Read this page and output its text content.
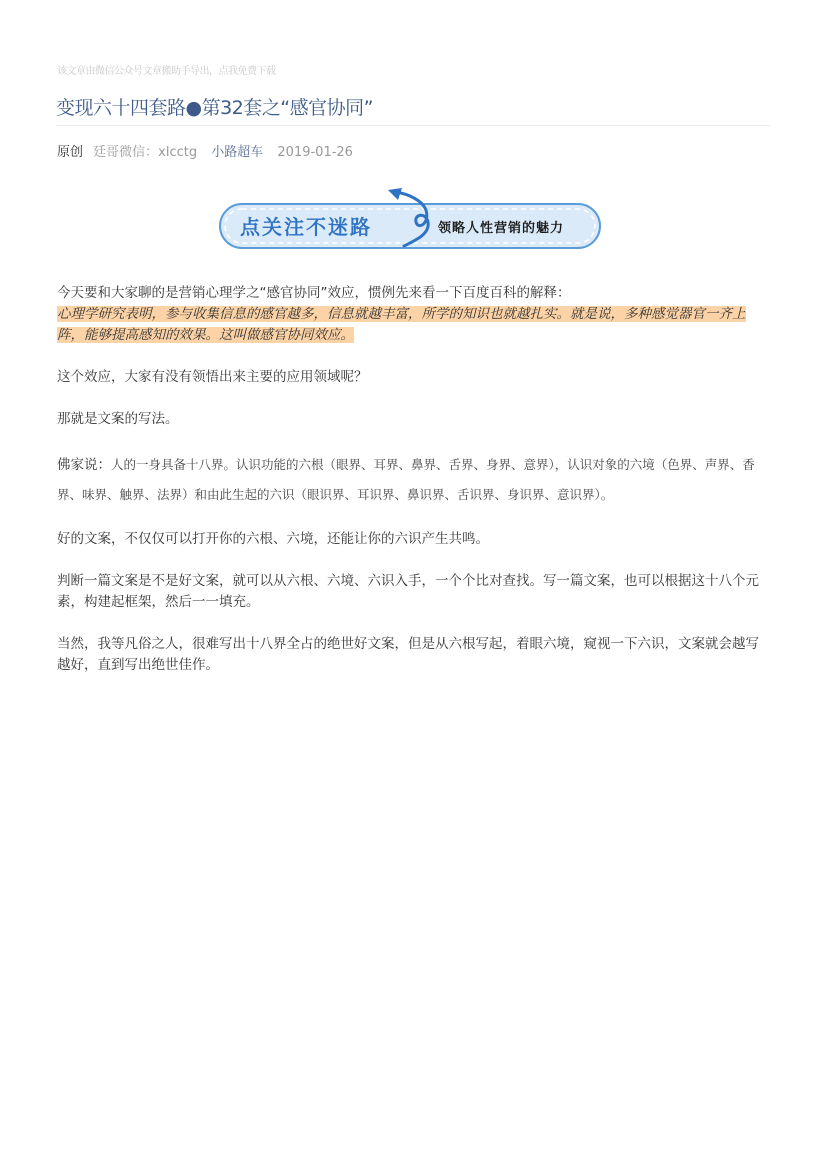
该文章由微信公众号文章搬助手导出，点我免费下载
变现六十四套路●第32套之“感官协同”
原创 廷哥微信：xlcctg 小路超车 2019-01-26
点关注不迷路	领略人性营销的魅力

今天要和大家聊的是营销心理学之“感官协同”效应，惯例先来看一下百度百科的解释：

心理学研究表明，参与收集信息的感官越多，信息就越丰富，所学的知识也就越扎实。就是说，多种感觉器官一齐上阵，能够提高感知的效果。这叫做感官协同效应。

这个效应，大家有没有领悟出来主要的应用领域呢？

那就是文案的写法。

佛家说：人的一身具备十八界。认识功能的六根（眼界、耳界、鼻界、舌界、身界、意界），认识对象的六境（色界、声界、香界、味界、触界、法界）和由此生起的六识（眼识界、耳识界、鼻识界、舌识界、身识界、意识界）。

好的文案，不仅仅可以打开你的六根、六境，还能让你的六识产生共鸣。

判断一篇文案是不是好文案，就可以从六根、六境、六识入手，一个个比对查找。写一篇文案，也可以根据这十八个元素，构建起框架，然后一一填充。

当然，我等凡俗之人，很难写出十八界全占的绝世好文案，但是从六根写起，着眼六境，窥视一下六识，文案就会越写越好，直到写出绝世佳作。
